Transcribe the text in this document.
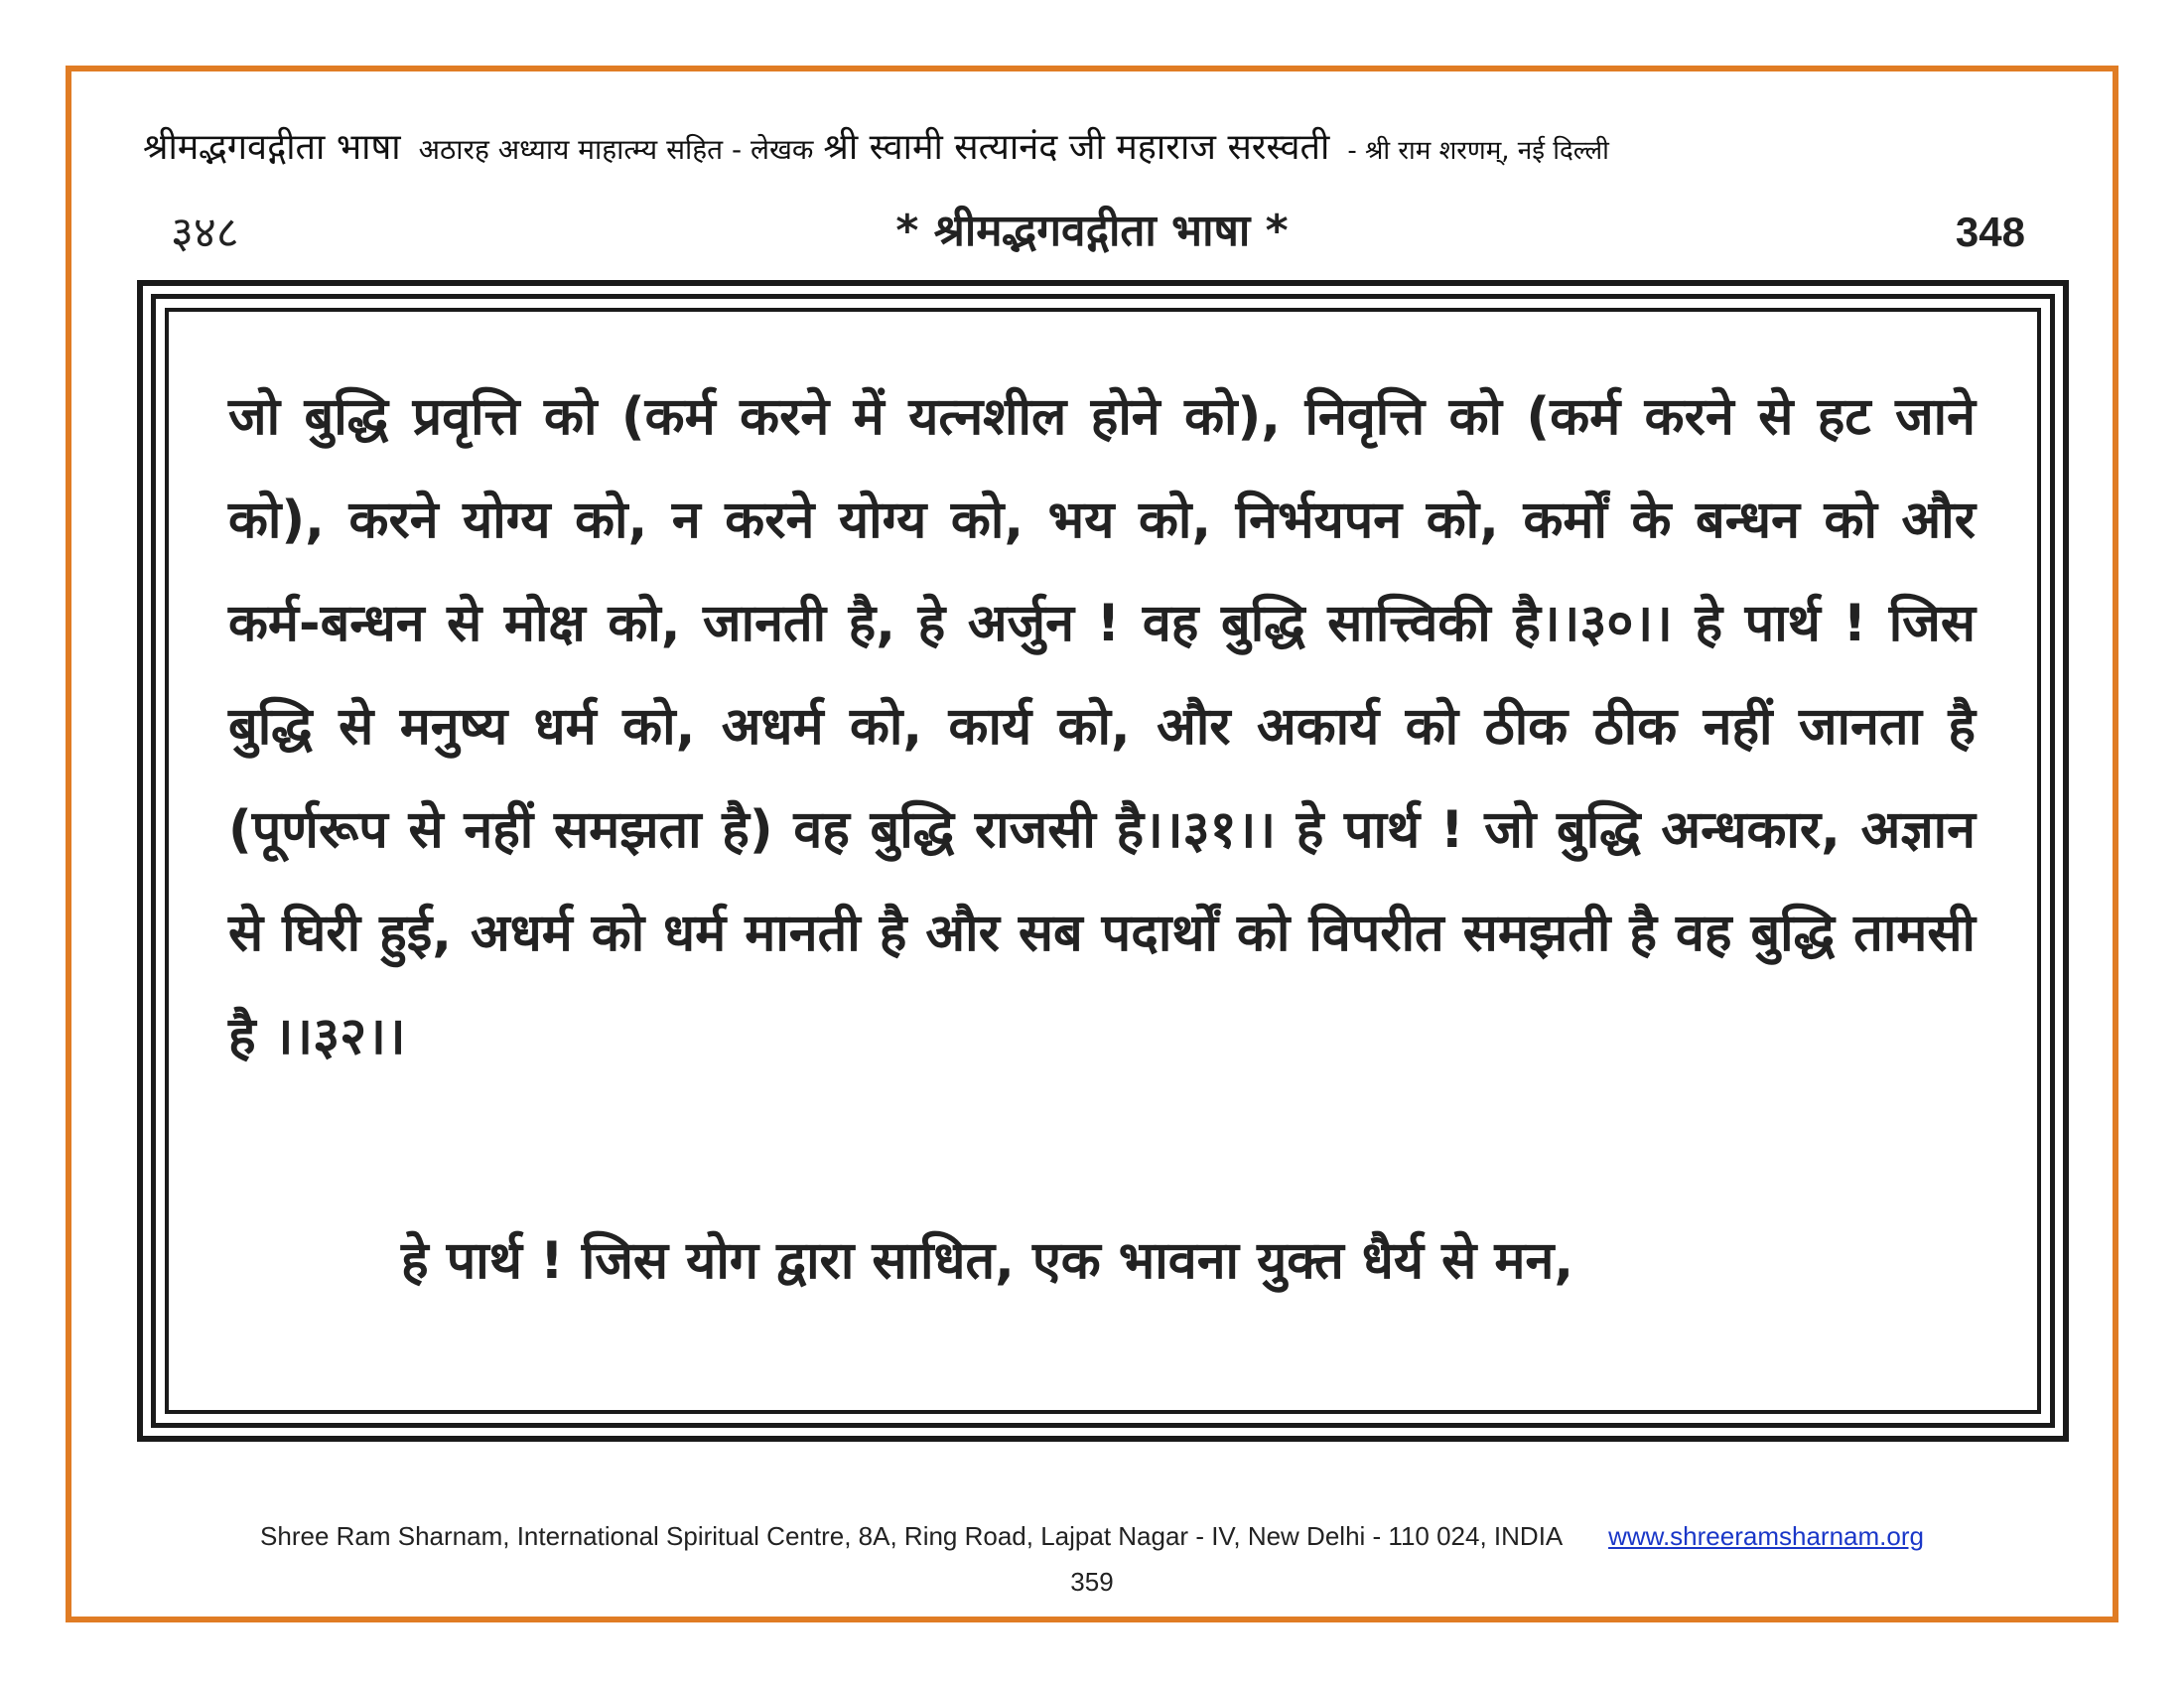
श्रीमद्भगवद्गीता भाषा अठारह अध्याय माहात्म्य सहित - लेखक श्री स्वामी सत्यानंद जी महाराज सरस्वती - श्री राम शरणम्, नई दिल्ली
३४८	* श्रीमद्भगवद्गीता भाषा *	348

जो बुद्धि प्रवृत्ति को (कर्म करने में यत्नशील होने को), निवृत्ति को (कर्म करने से हट जाने को), करने योग्य को, न करने योग्य को, भय को, निर्भयपन को, कर्मों के बन्धन को और कर्म-बन्धन से मोक्ष को, जानती है, हे अर्जुन ! वह बुद्धि सात्त्विकी है।।३०।। हे पार्थ ! जिस बुद्धि से मनुष्य धर्म को, अधर्म को, कार्य को, और अकार्य को ठीक ठीक नहीं जानता है (पूर्णरूप से नहीं समझता है) वह बुद्धि राजसी है।।३१।। हे पार्थ ! जो बुद्धि अन्धकार, अज्ञान से घिरी हुई, अधर्म को धर्म मानती है और सब पदार्थों को विपरीत समझती है वह बुद्धि तामसी है ।।३२।।

हे पार्थ ! जिस योग द्वारा साधित, एक भावना युक्त धैर्य से मन,

Shree Ram Sharnam, International Spiritual Centre, 8A, Ring Road, Lajpat Nagar - IV, New Delhi - 110 024, INDIA www.shreeramsharnam.org
359
